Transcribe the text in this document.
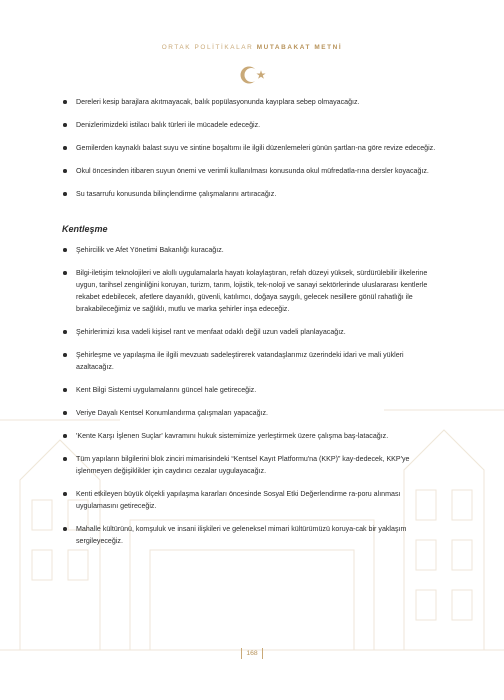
ORTAK POLİTİKALAR MUTABAKAT METNİ
Dereleri kesip barajlara akıtmayacak, balık popülasyonunda kayıplara sebep olmayacağız.
Denizlerimizdeki istilacı balık türleri ile mücadele edeceğiz.
Gemilerden kaynaklı balast suyu ve sintine boşaltımı ile ilgili düzenlemeleri günün şartları-na göre revize edeceğiz.
Okul öncesinden itibaren suyun önemi ve verimli kullanılması konusunda okul müfredatla-rına dersler koyacağız.
Su tasarrufu konusunda bilinçlendirme çalışmalarını artıracağız.
Kentleşme
Şehircilik ve Afet Yönetimi Bakanlığı kuracağız.
Bilgi-iletişim teknolojileri ve akıllı uygulamalarla hayatı kolaylaştıran, refah düzeyi yüksek, sürdürülebilir ilkelerine uygun, tarihsel zenginliğini koruyan, turizm, tarım, lojistik, tek-noloji ve sanayi sektörlerinde uluslararası kentlerle rekabet edebilecek, afetlere dayanıklı, güvenli, katılımcı, doğaya saygılı, gelecek nesillere gönül rahatlığı ile bırakabileceğimiz ve sağlıklı, mutlu ve marka şehirler inşa edeceğiz.
Şehirlerimizi kısa vadeli kişisel rant ve menfaat odaklı değil uzun vadeli planlayacağız.
Şehirleşme ve yapılaşma ile ilgili mevzuatı sadeleştirerek vatandaşlarımız üzerindeki idari ve mali yükleri azaltacağız.
Kent Bilgi Sistemi uygulamalarını güncel hale getireceğiz.
Veriye Dayalı Kentsel Konumlandırma çalışmaları yapacağız.
'Kente Karşı İşlenen Suçlar' kavramını hukuk sistemimize yerleştirmek üzere çalışma baş-latacağız.
Tüm yapıların bilgilerini blok zinciri mimarisindeki “Kentsel Kayıt Platformu'na (KKP)” kay-dedecek, KKP'ye işlenmeyen değişiklikler için caydırıcı cezalar uygulayacağız.
Kenti etkileyen büyük ölçekli yapılaşma kararları öncesinde Sosyal Etki Değerlendirme ra-poru alınması uygulamasını getireceğiz.
Mahalle kültürünü, komşuluk ve insani ilişkileri ve geleneksel mimari kültürümüzü koruya-cak bir yaklaşım sergileyeceğiz.
168
